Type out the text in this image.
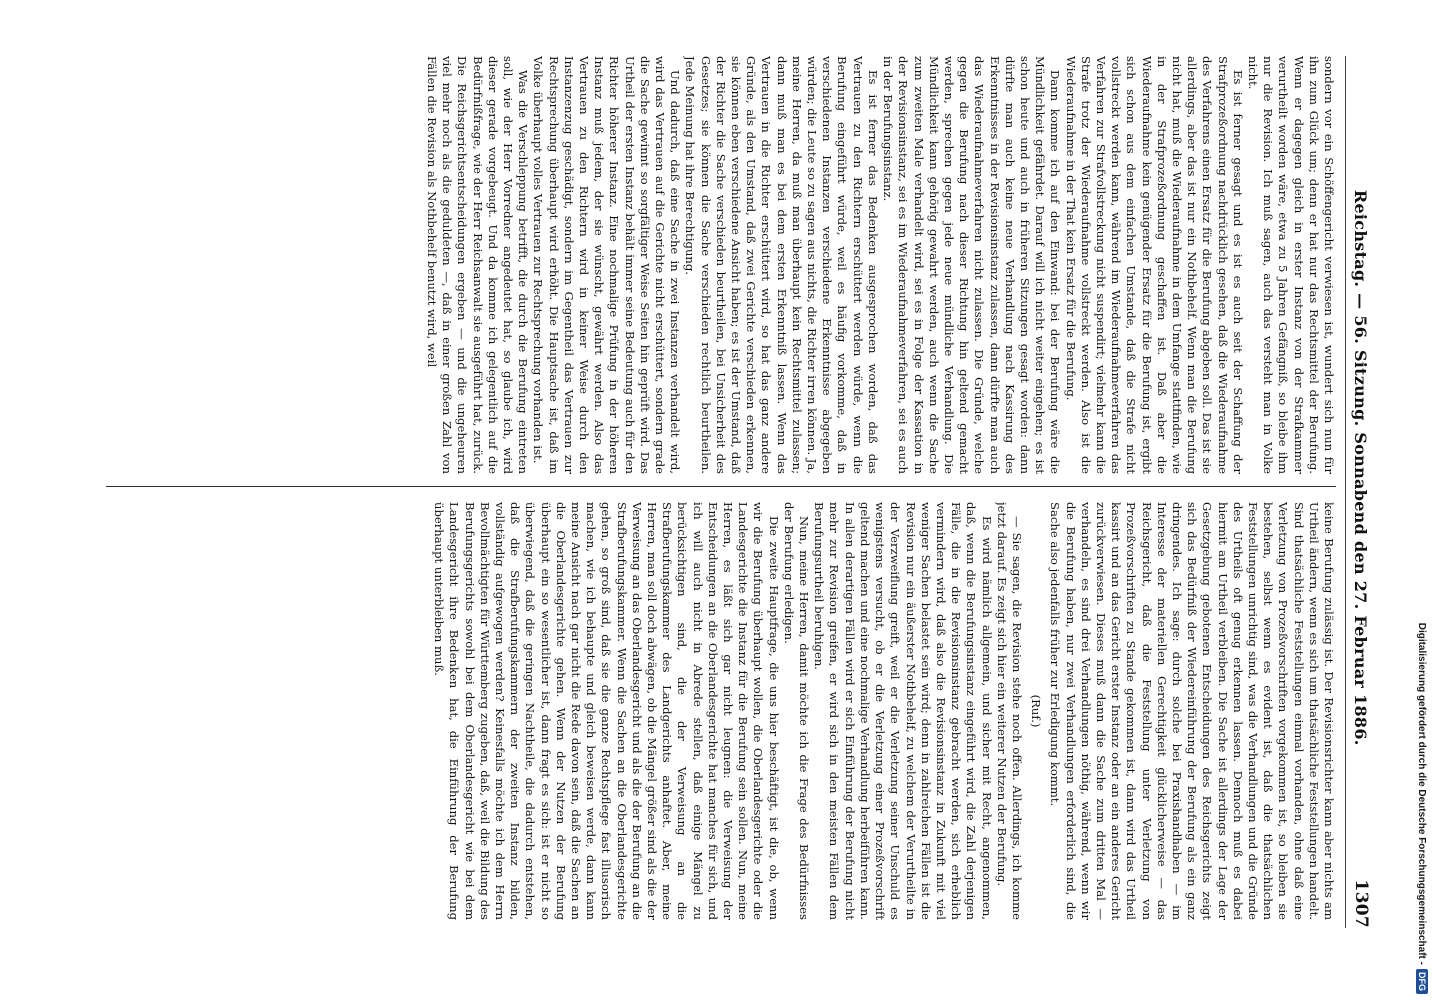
Reichstag. — 56. Sitzung. Sonnabend den 27. Februar 1886.
1307

sondern vor ein Schöffengericht verwiesen ist, wundert sich nun für ihn zum Glück um; denn er hat nur das Rechtsmittel der Berufung. Wenn er dagegen gleich in erster Instanz von der Strafkammer verurtheilt worden wäre, etwa zu 5 Jahren Gefängniß, so bleibe ihm nur die Revision. Ich muß sagen, auch das versteht man in Volke nicht.

Es ist ferner gesagt und es ist es auch seit der Schaffung der Strafprozeßordnung nachdrücklich gesehen, daß die Wiederaufnahme des Verfahrens einen Ersatz für die Berufung abgeben soll. Das ist sie allerdings, aber das ist nur ein Nothbehelf. Wenn man die Berufung nicht hat, muß die Wiederaufnahme in dem Umfange stattfinden, wie in der Strafprozeßordnung geschaffen ist. Daß aber die Wiederaufnahme kein genügender Ersatz für die Berufung ist, ergibt sich schon aus dem einfachen Umstande, daß die Strafe nicht vollstreckt werden kann, während im Wiederaufnahmeverfahren das Verfahren zur Strafvollstreckung nicht suspendirt; vielmehr kann die Strafe trotz der Wiederaufnahme vollstreckt werden. Also ist die Wiederaufnahme in der That kein Ersatz für die Berufung.

Dann komme ich auf den Einwand: bei der Berufung wäre die Mündlichkeit gefährdet. Darauf will ich nicht weiter eingehen; es ist schon heute und auch in früheren Sitzungen gesagt worden: dann dürfte man auch keine neue Verhandlung nach Kassirung des Erkenntnisses in der Revisionsinstanz zulassen, dann dürfte man auch das Wiederaufnahmeverfahren nicht zulassen. Die Gründe, welche gegen die Berufung nach dieser Richtung hin geltend gemacht werden, sprechen gegen jede neue mündliche Verhandlung. Die Mündlichkeit kann gehörig gewahrt werden, auch wenn die Sache zum zweiten Male verhandelt wird, sei es in Folge der Kassation in der Revisionsinstanz, sei es im Wiederaufnahmeverfahren, sei es auch in der Berufungsinstanz.

Es ist ferner das Bedenken ausgesprochen worden, daß das Vertrauen zu den Richtern erschüttert werden würde, wenn die Berufung eingeführt würde, weil es häufig vorkomme, daß in verschiedenen Instanzen verschiedene Erkenntnisse abgegeben würden; die Leute so zu sagen aus nichts, die Richter irren können. Ja, meine Herren, da muß man überhaupt kein Rechtsmittel zulassen; dann muß man es bei dem ersten Erkenntniß lassen. Wenn das Vertrauen in die Richter erschüttert wird, so hat das ganz andere Gründe, als den Umstand, daß zwei Gerichte verschieden erkennen, sie können eben verschiedene Ansicht haben; es ist der Umstand, daß der Richter die Sache verschieden beurtheilen, bei Unsicherheit des Gesetzes; sie können die Sache verschieden rechtlich beurtheilen. Jede Meinung hat ihre Berechtigung.

Und dadurch, daß eine Sache in zwei Instanzen verhandelt wird, wird das Vertrauen auf die Gerichte nicht erschüttert, sondern grade die Sache gewinnt so sorgfältiger Weise Seiten hin geprüft wird. Das Urtheil der ersten Instanz behält immer seine Bedeutung auch für den Richter höherer Instanz. Eine nochmalige Prüfung in der höheren Instanz muß jedem, der sie wünscht, gewährt werden. Also das Vertrauen zu den Richtern wird in keiner Weise durch den Instanzenzug geschädigt, sondern im Gegentheil das Vertrauen zur Rechtsprechung überhaupt wird erhöht. Die Hauptsache ist, daß im Volke überhaupt volles Vertrauen zur Rechtsprechung vorhanden ist.

Was die Verschleppung betrifft, die durch die Berufung eintreten soll, wie der Herr Vorredner angedeutet hat, so glaube ich, wird dieser gerade vorgebeugt. Und da komme ich gelegentlich auf die Bedürfnißfrage, wie der Herr Reichsanwalt sie ausgeführt hat, zurück. Die Reichsgerichtsentscheidungen ergeben — und die ungeheuren viel mehr noch als die geduldeten —, daß in einer großen Zahl von Fällen die Revision als Nothbehelf benutzt wird, weil

keine Berufung zulässig ist. Der Revisionsrichter kann aber nichts am Urtheil ändern, wenn es sich um thatsächliche Feststellungen handelt. Sind thatsächliche Feststellungen einmal vorhanden, ohne daß eine Verletzung von Prozeßvorschriften vorgekommen ist, so bleiben sie bestehen, selbst wenn es evident ist, daß die thatsächlichen Feststellungen unrichtig sind, was die Verhandlungen und die Gründe des Urtheils oft genug erkennen lassen. Dennoch muß es dabei hiermit am Urtheil verbleiben. Die Sache ist allerdings der Lage der Gesetzgebung gebotenen Entscheidungen des Reichsgerichts zeigt sich das Bedürfniß der Wiedereinführung der Berufung als ein ganz dringendes. Ich sage: durch solche bei Praxishandhaben — im Interesse der materiellen Gerechtigkeit glücklicherweise — das Reichsgericht, daß die Feststellung unter Verletzung von Prozeßvorschriften zu Stande gekommen ist, dann wird das Urtheil kassirt und an das Gericht erster Instanz oder an ein anderes Gericht zurückverwiesen. Dieses muß dann die Sache zum dritten Mal — verhandeln, es sind drei Verhandlungen nöthig, während, wenn wir die Berufung haben, nur zwei Verhandlungen erforderlich sind, die Sache also jedenfalls früher zur Erledigung kommt.

(Ruf.)

— Sie sagen, die Revision stehe noch offen. Allerdings, ich komme jetzt darauf. Es zeigt sich hier ein weiterer Nutzen der Berufung.

Es wird nämlich allgemein, und sicher mit Recht, angenommen, daß, wenn die Berufungsinstanz eingeführt wird, die Zahl derjenigen Fälle, die in die Revisionsinstanz gebracht werden, sich erheblich vermindern wird, daß also die Revisionsinstanz in Zukunft mit viel weniger Sachen belastet sein wird; denn in zahlreichen Fällen ist die Revision nur ein äußerster Nothbehelf, zu welchem der Verurtheilte in der Verzweiflung greift, weil er die Verletzung seiner Unschuld es wenigstens versucht, ob er die Verletzung einer Prozeßvorschrift geltend machen und eine nochmalige Verhandlung herbeiführen kann. In allen derartigen Fällen wird er sich Einführung der Berufung nicht mehr zur Revision greifen, er wird sich in den meisten Fällen dem Berufungsurtheil beruhigen.

Nun, meine Herren, damit möchte ich die Frage des Bedürfnisses der Berufung erledigen.

Die zweite Hauptfrage, die uns hier beschäftigt, ist die, ob, wenn wir die Berufung überhaupt wollen, die Oberlandesgerichte oder die Landesgerichte die Instanz für die Berufung sein sollen. Nun, meine Herren, es läßt sich gar nicht leugnen: die Verweisung der Entscheidungen an die Oberlandesgerichte hat manches für sich, und ich will auch nicht in Abrede stellen, daß einige Mängel zu berücksichtigen sind, die der Verweisung an die Strafberufungskammer des Landgerichts anhaftet. Aber, meine Herren, man soll doch abwägen, ob die Mängel größer sind als die der Verweisung an das Oberlandesgericht und als die der Berufung an die Strafberufungskammer. Wenn die Sachen an die Oberlandesgerichte gehen, so groß sind, daß sie die ganze Rechtspflege fast illusorisch machen, wie ich behaupte und gleich beweisen werde, dann kann meine Ansicht nach gar nicht die Rede davon sein, daß die Sachen an die Oberlandesgerichte gehen. Wenn der Nutzen der Berufung überhaupt ein so wesentlicher ist, dann fragt es sich: ist er nicht so überwiegend, daß die geringen Nachtheile, die dadurch entstehen, daß die Strafberufungskammern der zweiten Instanz bilden, vollständig aufgewogen werden? Keinesfalls möchte ich dem Herrn Bevollmächtigten für Württemberg zugeben, daß, weil die Bildung des Berufungsgerichts sowohl bei dem Oberlandesgericht wie bei dem Landesgericht ihre Bedenken hat, die Einführung der Berufung überhaupt unterbleiben muß.

Digitalisierung gefördert durch die Deutsche Forschungsgemeinschaft -
DFG
